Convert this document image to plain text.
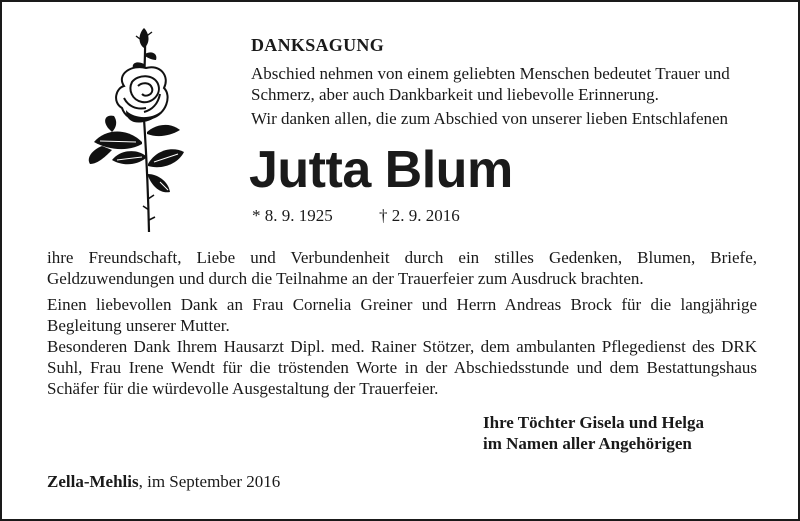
DANKSAGUNG

Abschied nehmen von einem geliebten Menschen bedeutet Trauer und

Schmerz, aber auch Dankbarkeit und liebevolle Erinnerung.

Wir danken allen, die zum Abschied von unserer lieben Entschlafenen

Jutta Blum
* 8. 9. 1925	† 2. 9. 2016

ihre Freundschaft, Liebe und Verbundenheit durch ein stilles Gedenken, Blumen, Briefe, Geldzuwendungen und durch die Teilnahme an der Trauerfeier zum Ausdruck brachten.

Einen liebevollen Dank an Frau Cornelia Greiner und Herrn Andreas Brock für die langjährige Begleitung unserer Mutter.

Besonderen Dank Ihrem Hausarzt Dipl. med. Rainer Stötzer, dem ambulanten Pflegedienst des DRK Suhl, Frau Irene Wendt für die tröstenden Worte in der Abschiedsstunde und dem Bestattungshaus Schäfer für die würdevolle Ausgestaltung der Trauerfeier.

Ihre Töchter Gisela und Helga
im Namen aller Angehörigen
Zella-Mehlis, im September 2016
